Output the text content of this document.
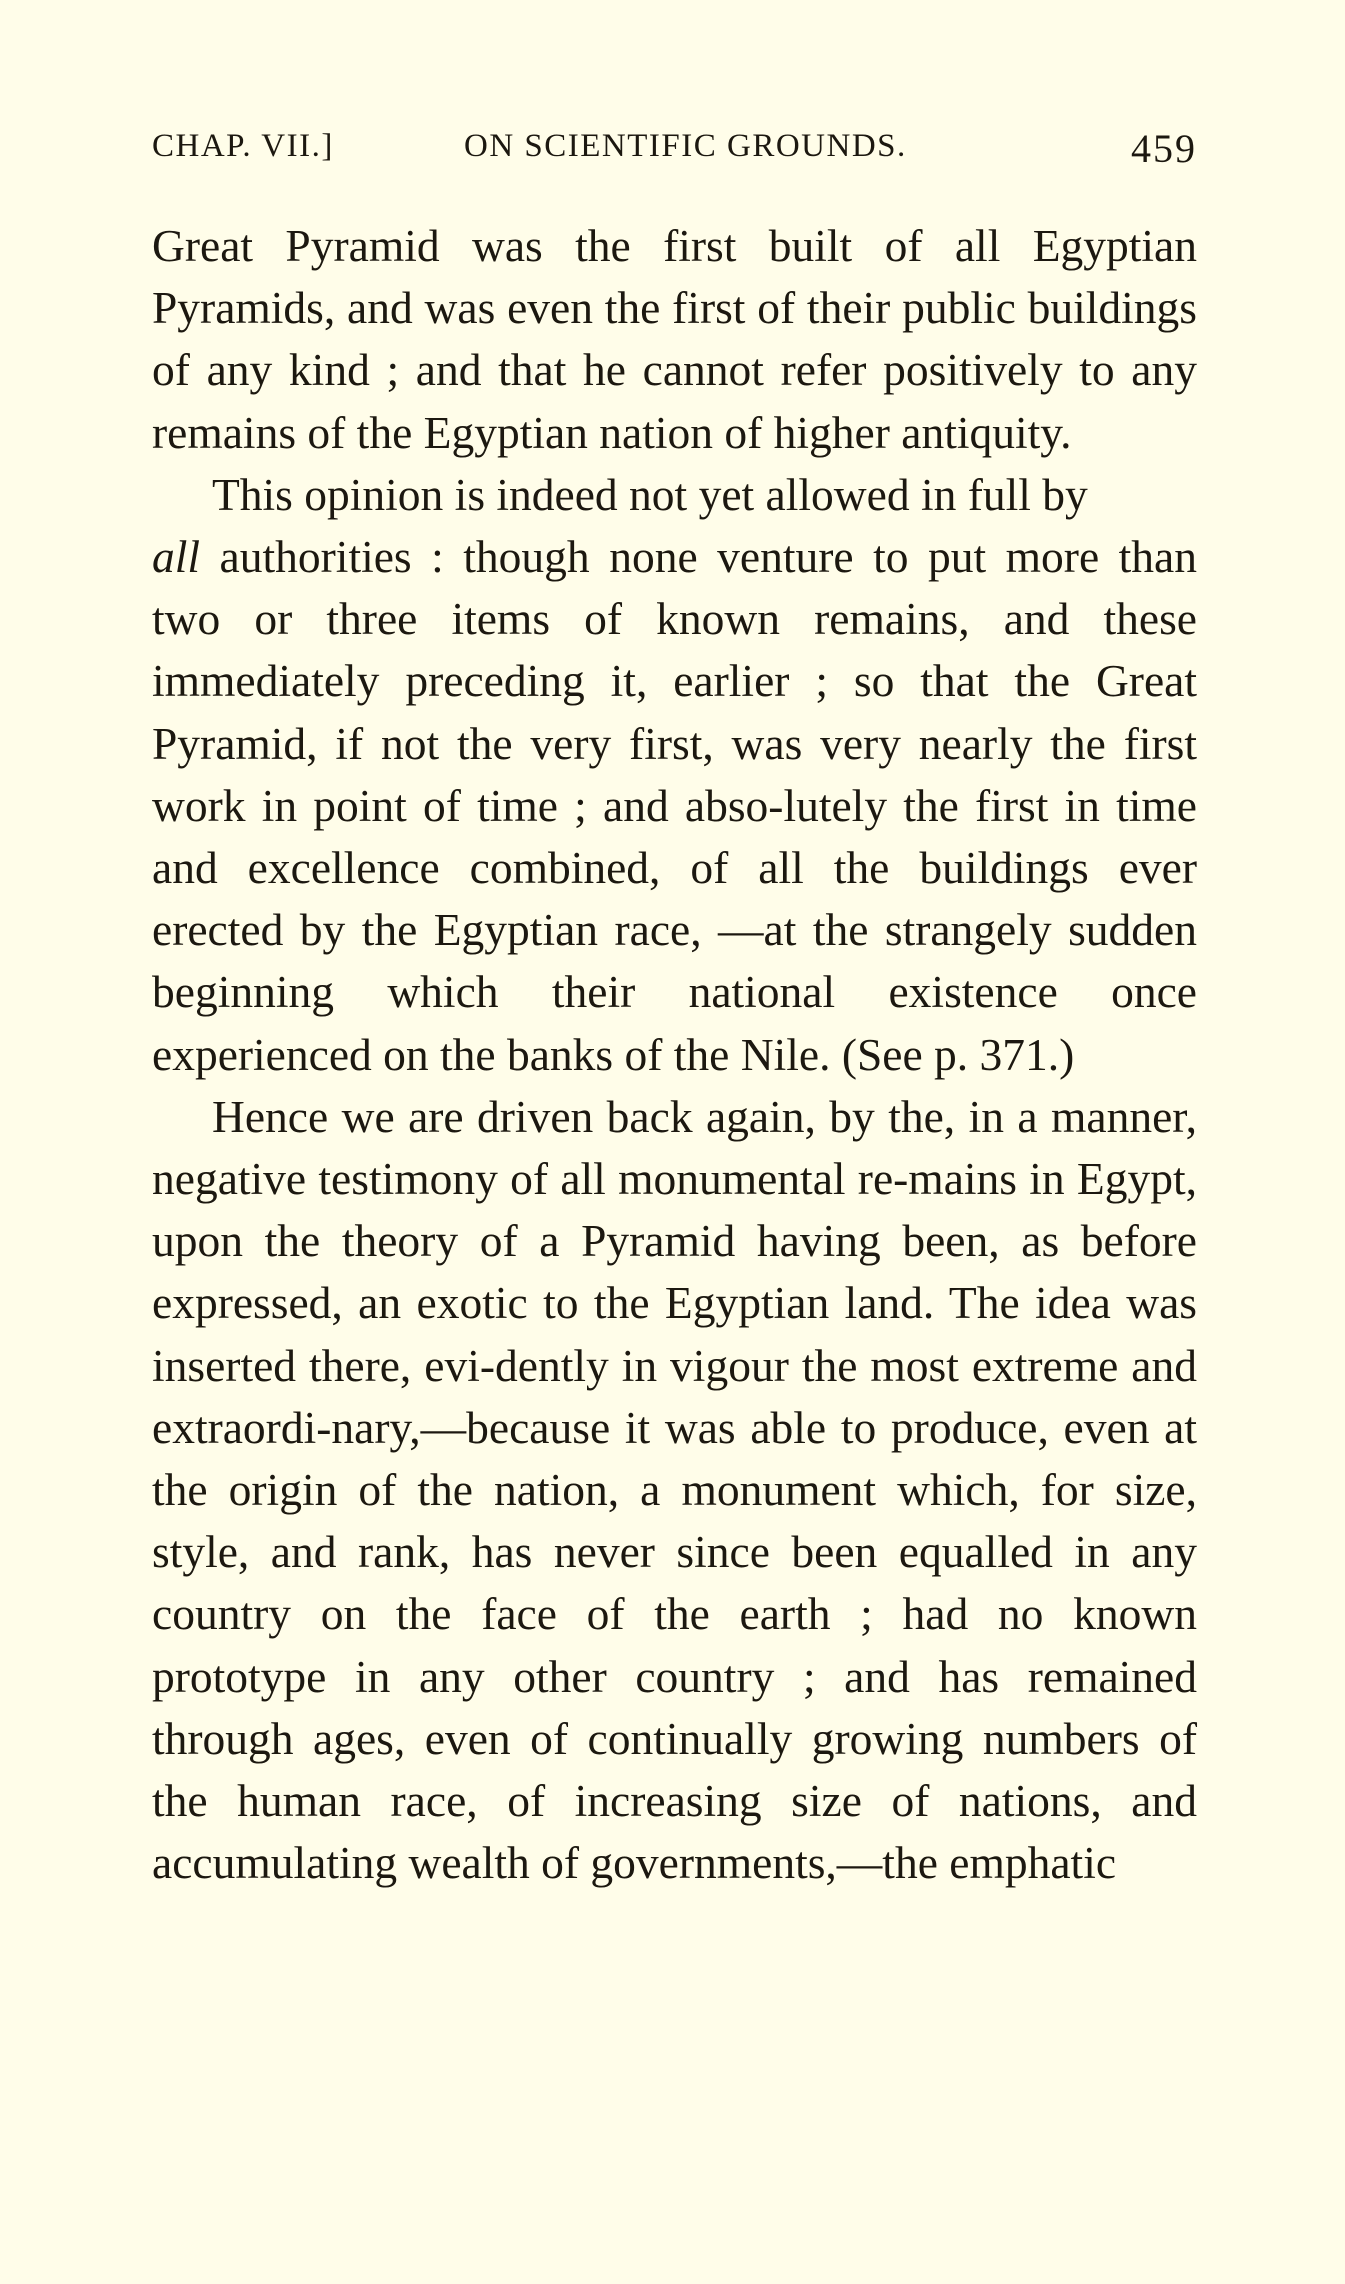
CHAP. VII.]	ON SCIENTIFIC GROUNDS.	459

Great Pyramid was the first built of all Egyptian Pyramids, and was even the first of their public buildings of any kind ; and that he cannot refer positively to any remains of the Egyptian nation of higher antiquity.

This opinion is indeed not yet allowed in full by
all authorities : though none venture to put more than two or three items of known remains, and these immediately preceding it, earlier ; so that the Great Pyramid, if not the very first, was very nearly the first work in point of time ; and abso-lutely the first in time and excellence combined, of all the buildings ever erected by the Egyptian race, —at the strangely sudden beginning which their national existence once experienced on the banks of the Nile. (See p. 371.)

Hence we are driven back again, by the, in a manner, negative testimony of all monumental re-mains in Egypt, upon the theory of a Pyramid having been, as before expressed, an exotic to the Egyptian land. The idea was inserted there, evi-dently in vigour the most extreme and extraordi-nary,—because it was able to produce, even at the origin of the nation, a monument which, for size, style, and rank, has never since been equalled in any country on the face of the earth ; had no known prototype in any other country ; and has remained through ages, even of continually growing numbers of the human race, of increasing size of nations, and accumulating wealth of governments,—the emphatic
